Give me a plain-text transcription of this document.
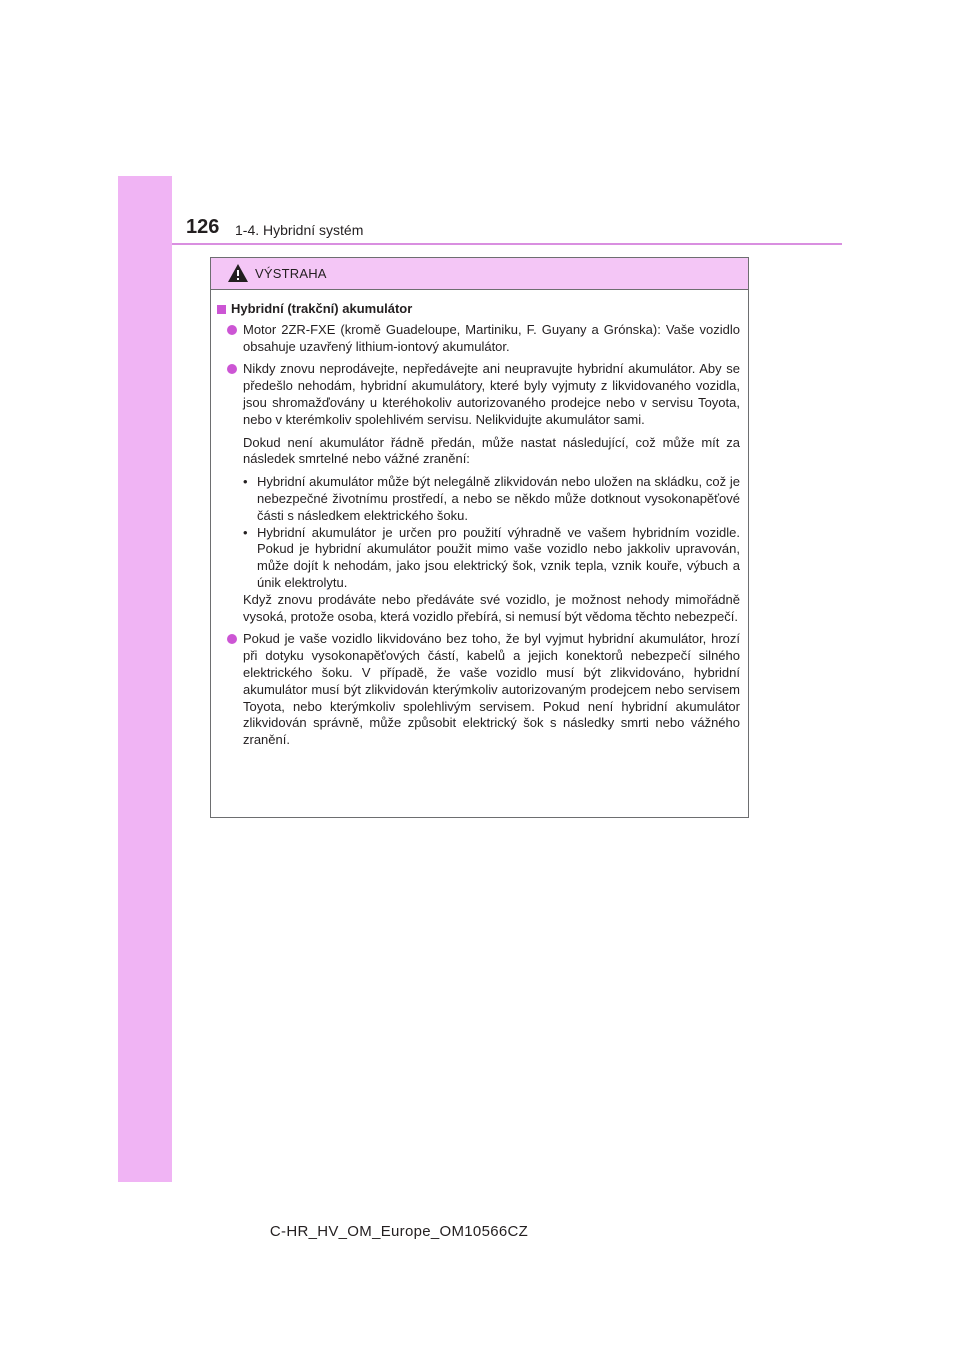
126 1-4. Hybridní systém
VÝSTRAHA
Hybridní (trakční) akumulátor
Motor 2ZR-FXE (kromě Guadeloupe, Martiniku, F. Guyany a Grónska): Vaše vozidlo obsahuje uzavřený lithium-iontový akumulátor.
Nikdy znovu neprodávejte, nepředávejte ani neupravujte hybridní akumulátor. Aby se předešlo nehodám, hybridní akumulátory, které byly vyjmuty z likvidovaného vozidla, jsou shromažďovány u kteréhokoliv autorizovaného prodejce nebo v servisu Toyota, nebo v kterémkoliv spolehlivém servisu. Nelikvidujte akumulátor sami.
Dokud není akumulátor řádně předán, může nastat následující, což může mít za následek smrtelné nebo vážné zranění:
• Hybridní akumulátor může být nelegálně zlikvidován nebo uložen na skládku, což je nebezpečné životnímu prostředí, a nebo se někdo může dotknout vysokonapěťové části s následkem elektrického šoku.
• Hybridní akumulátor je určen pro použití výhradně ve vašem hybridním vozidle. Pokud je hybridní akumulátor použit mimo vaše vozidlo nebo jakkoliv upravován, může dojít k nehodám, jako jsou elektrický šok, vznik tepla, vznik kouře, výbuch a únik elektrolytu.
Když znovu prodáváte nebo předáváte své vozidlo, je možnost nehody mimořádně vysoká, protože osoba, která vozidlo přebírá, si nemusí být vědoma těchto nebezpečí.
Pokud je vaše vozidlo likvidováno bez toho, že byl vyjmut hybridní akumulátor, hrozí při dotyku vysokonapěťových částí, kabelů a jejich konektorů nebezpečí silného elektrického šoku. V případě, že vaše vozidlo musí být zlikvidováno, hybridní akumulátor musí být zlikvidován kterýmkoliv autorizovaným prodejcem nebo servisem Toyota, nebo kterýmkoliv spolehlivým servisem. Pokud není hybridní akumulátor zlikvidován správně, může způsobit elektrický šok s následky smrti nebo vážného zranění.
C-HR_HV_OM_Europe_OM10566CZ
